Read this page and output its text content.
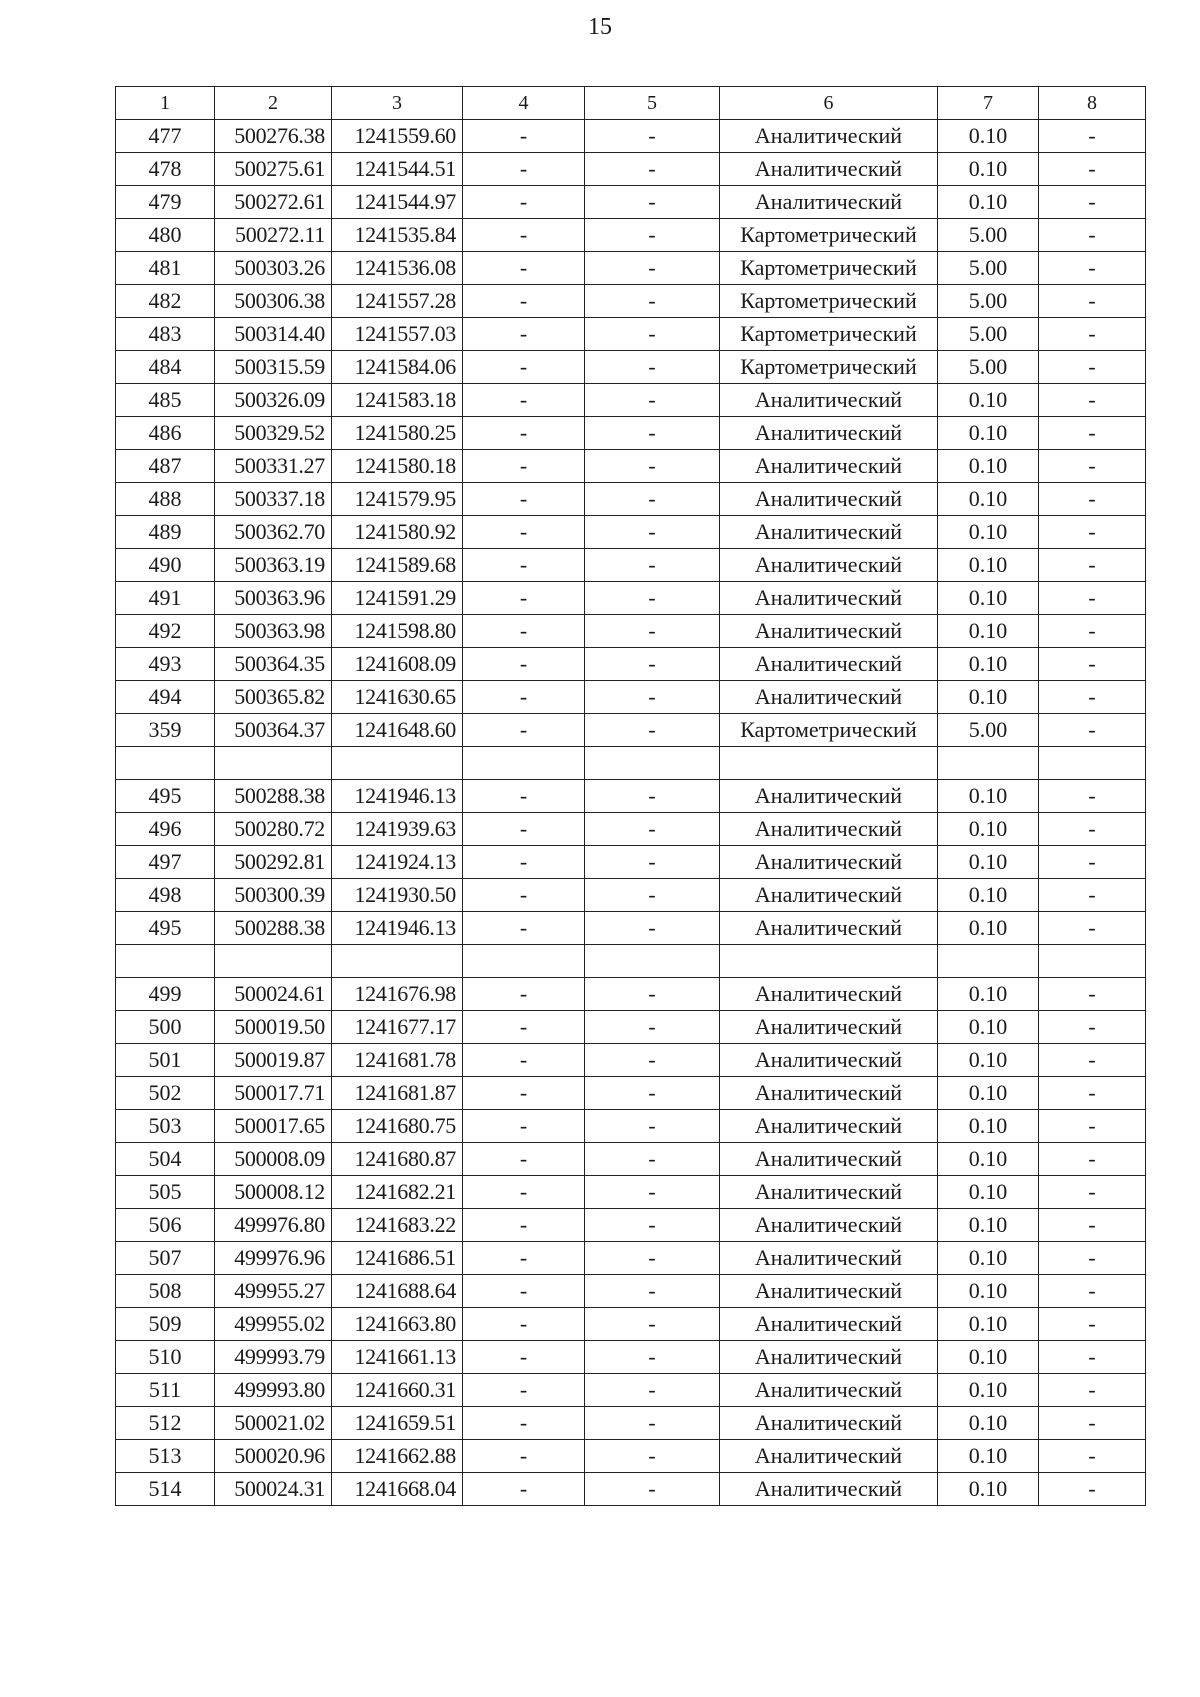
15
1	2	3	4	5	6	7	8
477	500276.38	1241559.60	-	-	Аналитический	0.10	-
478	500275.61	1241544.51	-	-	Аналитический	0.10	-
479	500272.61	1241544.97	-	-	Аналитический	0.10	-
480	500272.11	1241535.84	-	-	Картометрический	5.00	-
481	500303.26	1241536.08	-	-	Картометрический	5.00	-
482	500306.38	1241557.28	-	-	Картометрический	5.00	-
483	500314.40	1241557.03	-	-	Картометрический	5.00	-
484	500315.59	1241584.06	-	-	Картометрический	5.00	-
485	500326.09	1241583.18	-	-	Аналитический	0.10	-
486	500329.52	1241580.25	-	-	Аналитический	0.10	-
487	500331.27	1241580.18	-	-	Аналитический	0.10	-
488	500337.18	1241579.95	-	-	Аналитический	0.10	-
489	500362.70	1241580.92	-	-	Аналитический	0.10	-
490	500363.19	1241589.68	-	-	Аналитический	0.10	-
491	500363.96	1241591.29	-	-	Аналитический	0.10	-
492	500363.98	1241598.80	-	-	Аналитический	0.10	-
493	500364.35	1241608.09	-	-	Аналитический	0.10	-
494	500365.82	1241630.65	-	-	Аналитический	0.10	-
359	500364.37	1241648.60	-	-	Картометрический	5.00	-

495	500288.38	1241946.13	-	-	Аналитический	0.10	-
496	500280.72	1241939.63	-	-	Аналитический	0.10	-
497	500292.81	1241924.13	-	-	Аналитический	0.10	-
498	500300.39	1241930.50	-	-	Аналитический	0.10	-
495	500288.38	1241946.13	-	-	Аналитический	0.10	-

499	500024.61	1241676.98	-	-	Аналитический	0.10	-
500	500019.50	1241677.17	-	-	Аналитический	0.10	-
501	500019.87	1241681.78	-	-	Аналитический	0.10	-
502	500017.71	1241681.87	-	-	Аналитический	0.10	-
503	500017.65	1241680.75	-	-	Аналитический	0.10	-
504	500008.09	1241680.87	-	-	Аналитический	0.10	-
505	500008.12	1241682.21	-	-	Аналитический	0.10	-
506	499976.80	1241683.22	-	-	Аналитический	0.10	-
507	499976.96	1241686.51	-	-	Аналитический	0.10	-
508	499955.27	1241688.64	-	-	Аналитический	0.10	-
509	499955.02	1241663.80	-	-	Аналитический	0.10	-
510	499993.79	1241661.13	-	-	Аналитический	0.10	-
511	499993.80	1241660.31	-	-	Аналитический	0.10	-
512	500021.02	1241659.51	-	-	Аналитический	0.10	-
513	500020.96	1241662.88	-	-	Аналитический	0.10	-
514	500024.31	1241668.04	-	-	Аналитический	0.10	-
